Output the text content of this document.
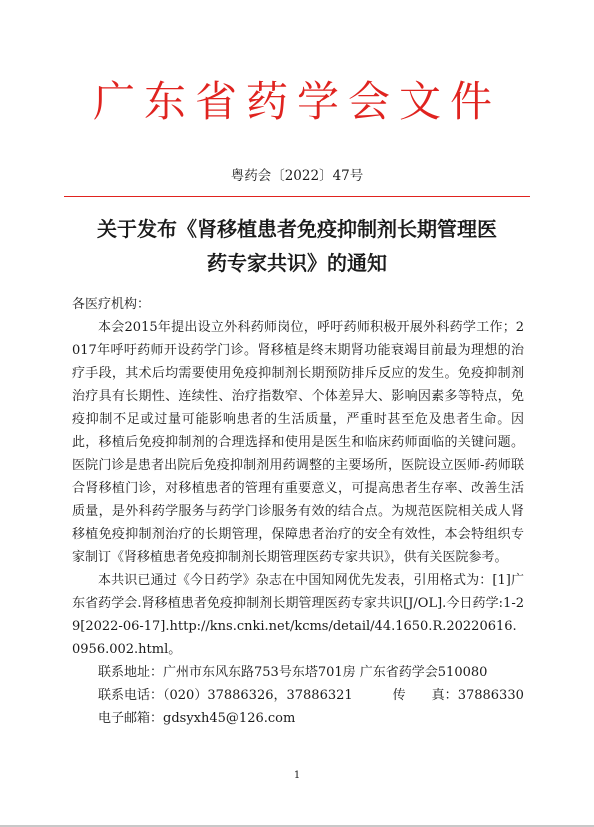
广东省药学会文件
粤药会〔2022〕47号
关于发布《肾移植患者免疫抑制剂长期管理医
药专家共识》的通知

各医疗机构：

本会2015年提出设立外科药师岗位，呼吁药师积极开展外科药学工作；2017年呼吁药师开设药学门诊。肾移植是终末期肾功能衰竭目前最为理想的治疗手段，其术后均需要使用免疫抑制剂长期预防排斥反应的发生。免疫抑制剂治疗具有长期性、连续性、治疗指数窄、个体差异大、影响因素多等特点，免疫抑制不足或过量可能影响患者的生活质量，严重时甚至危及患者生命。因此，移植后免疫抑制剂的合理选择和使用是医生和临床药师面临的关键问题。医院门诊是患者出院后免疫抑制剂用药调整的主要场所，医院设立医师-药师联合肾移植门诊，对移植患者的管理有重要意义，可提高患者生存率、改善生活质量，是外科药学服务与药学门诊服务有效的结合点。为规范医院相关成人肾移植免疫抑制剂治疗的长期管理，保障患者治疗的安全有效性，本会特组织专家制订《肾移植患者免疫抑制剂长期管理医药专家共识》，供有关医院参考。

本共识已通过《今日药学》杂志在中国知网优先发表，引用格式为：[1]广东省药学会.肾移植患者免疫抑制剂长期管理医药专家共识[J/OL].今日药学:1-29[2022-06-17].http://kns.cnki.net/kcms/detail/44.1650.R.20220616.0956.002.html。

联系地址：广州市东风东路753号东塔701房 广东省药学会510080
联系电话：（020）37886326，37886321	传　　真：37886330
电子邮箱：gdsyxh45@126.com
1
